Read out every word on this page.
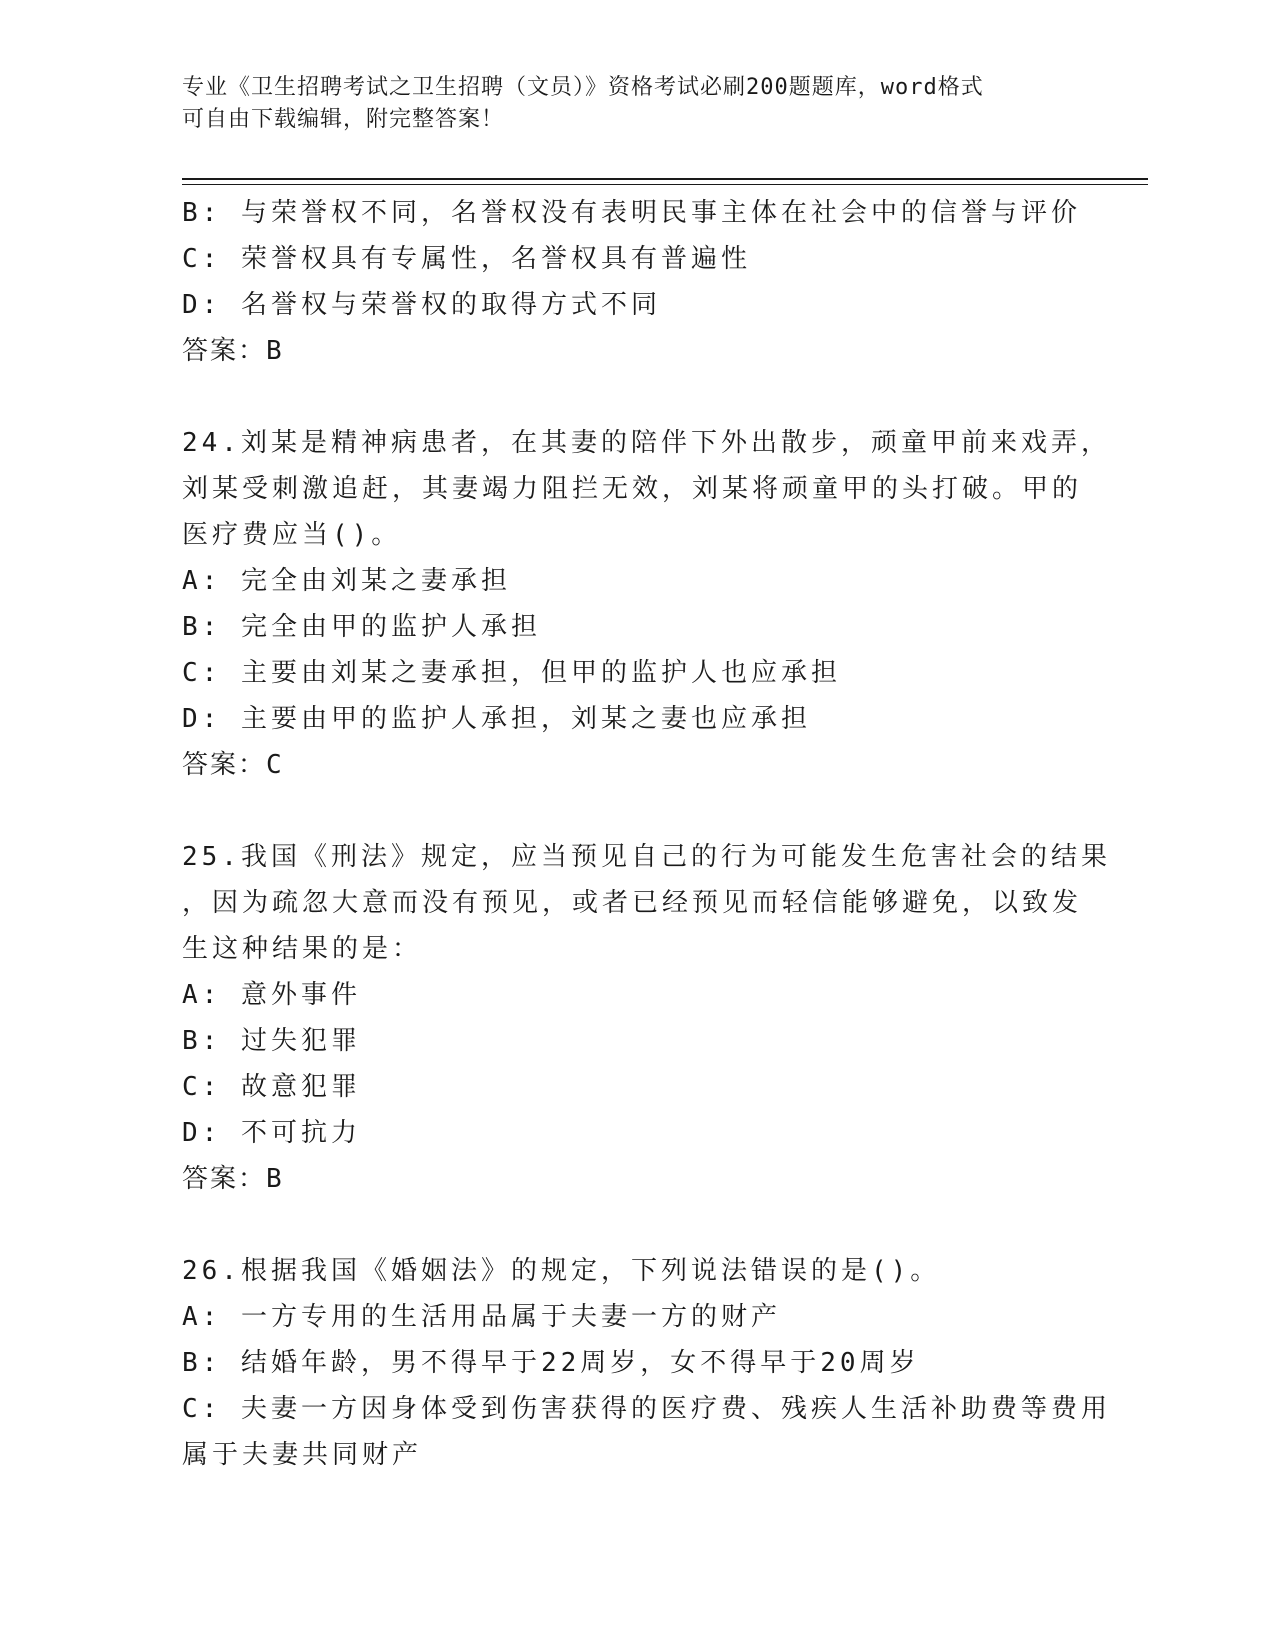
专业《卫生招聘考试之卫生招聘（文员）》资格考试必刷200题题库，word格式
可自由下载编辑，附完整答案！
B: 与荣誉权不同，名誉权没有表明民事主体在社会中的信誉与评价
C: 荣誉权具有专属性，名誉权具有普遍性
D: 名誉权与荣誉权的取得方式不同
答案：B
24.刘某是精神病患者，在其妻的陪伴下外出散步，顽童甲前来戏弄，
刘某受刺激追赶，其妻竭力阻拦无效，刘某将顽童甲的头打破。甲的
医疗费应当()。
A: 完全由刘某之妻承担
B: 完全由甲的监护人承担
C: 主要由刘某之妻承担，但甲的监护人也应承担
D: 主要由甲的监护人承担，刘某之妻也应承担
答案：C
25.我国《刑法》规定，应当预见自己的行为可能发生危害社会的结果
，因为疏忽大意而没有预见，或者已经预见而轻信能够避免，以致发
生这种结果的是：
A: 意外事件
B: 过失犯罪
C: 故意犯罪
D: 不可抗力
答案：B
26.根据我国《婚姻法》的规定，下列说法错误的是()。
A: 一方专用的生活用品属于夫妻一方的财产
B: 结婚年龄，男不得早于22周岁，女不得早于20周岁
C: 夫妻一方因身体受到伤害获得的医疗费、残疾人生活补助费等费用
属于夫妻共同财产
